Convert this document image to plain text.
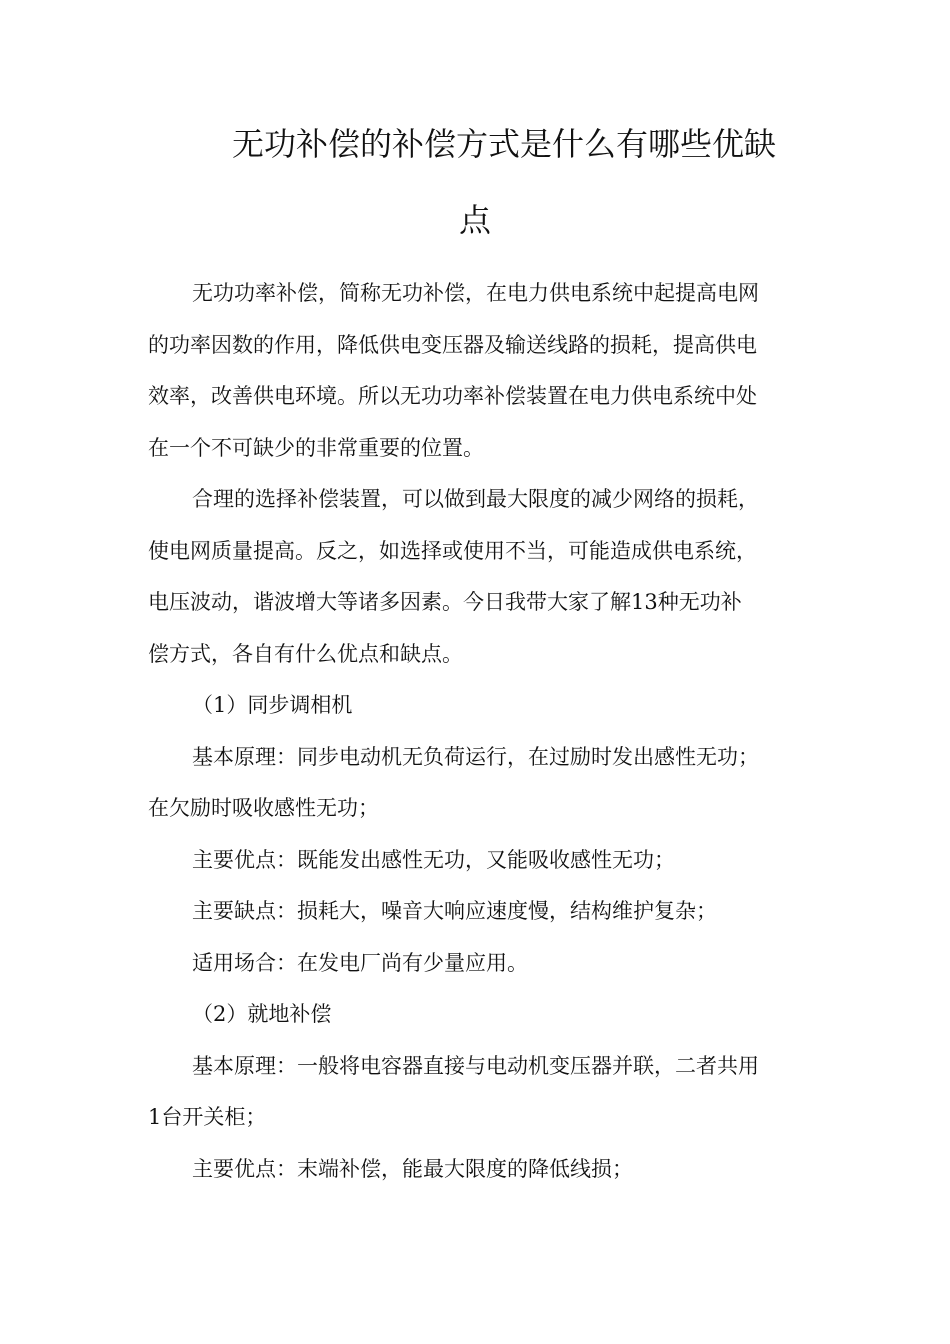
无功补偿的补偿方式是什么有哪些优缺
点
无功功率补偿，简称无功补偿，在电力供电系统中起提高电网
的功率因数的作用，降低供电变压器及输送线路的损耗，提高供电
效率，改善供电环境。所以无功功率补偿装置在电力供电系统中处
在一个不可缺少的非常重要的位置。
合理的选择补偿装置，可以做到最大限度的减少网络的损耗，
使电网质量提高。反之，如选择或使用不当，可能造成供电系统，
电压波动，谐波增大等诸多因素。今日我带大家了解13种无功补
偿方式，各自有什么优点和缺点。
（1）同步调相机
基本原理：同步电动机无负荷运行，在过励时发出感性无功；
在欠励时吸收感性无功；
主要优点：既能发出感性无功，又能吸收感性无功；
主要缺点：损耗大，噪音大响应速度慢，结构维护复杂；
适用场合：在发电厂尚有少量应用。
（2）就地补偿
基本原理：一般将电容器直接与电动机变压器并联，二者共用
1台开关柜；
主要优点：末端补偿，能最大限度的降低线损；
